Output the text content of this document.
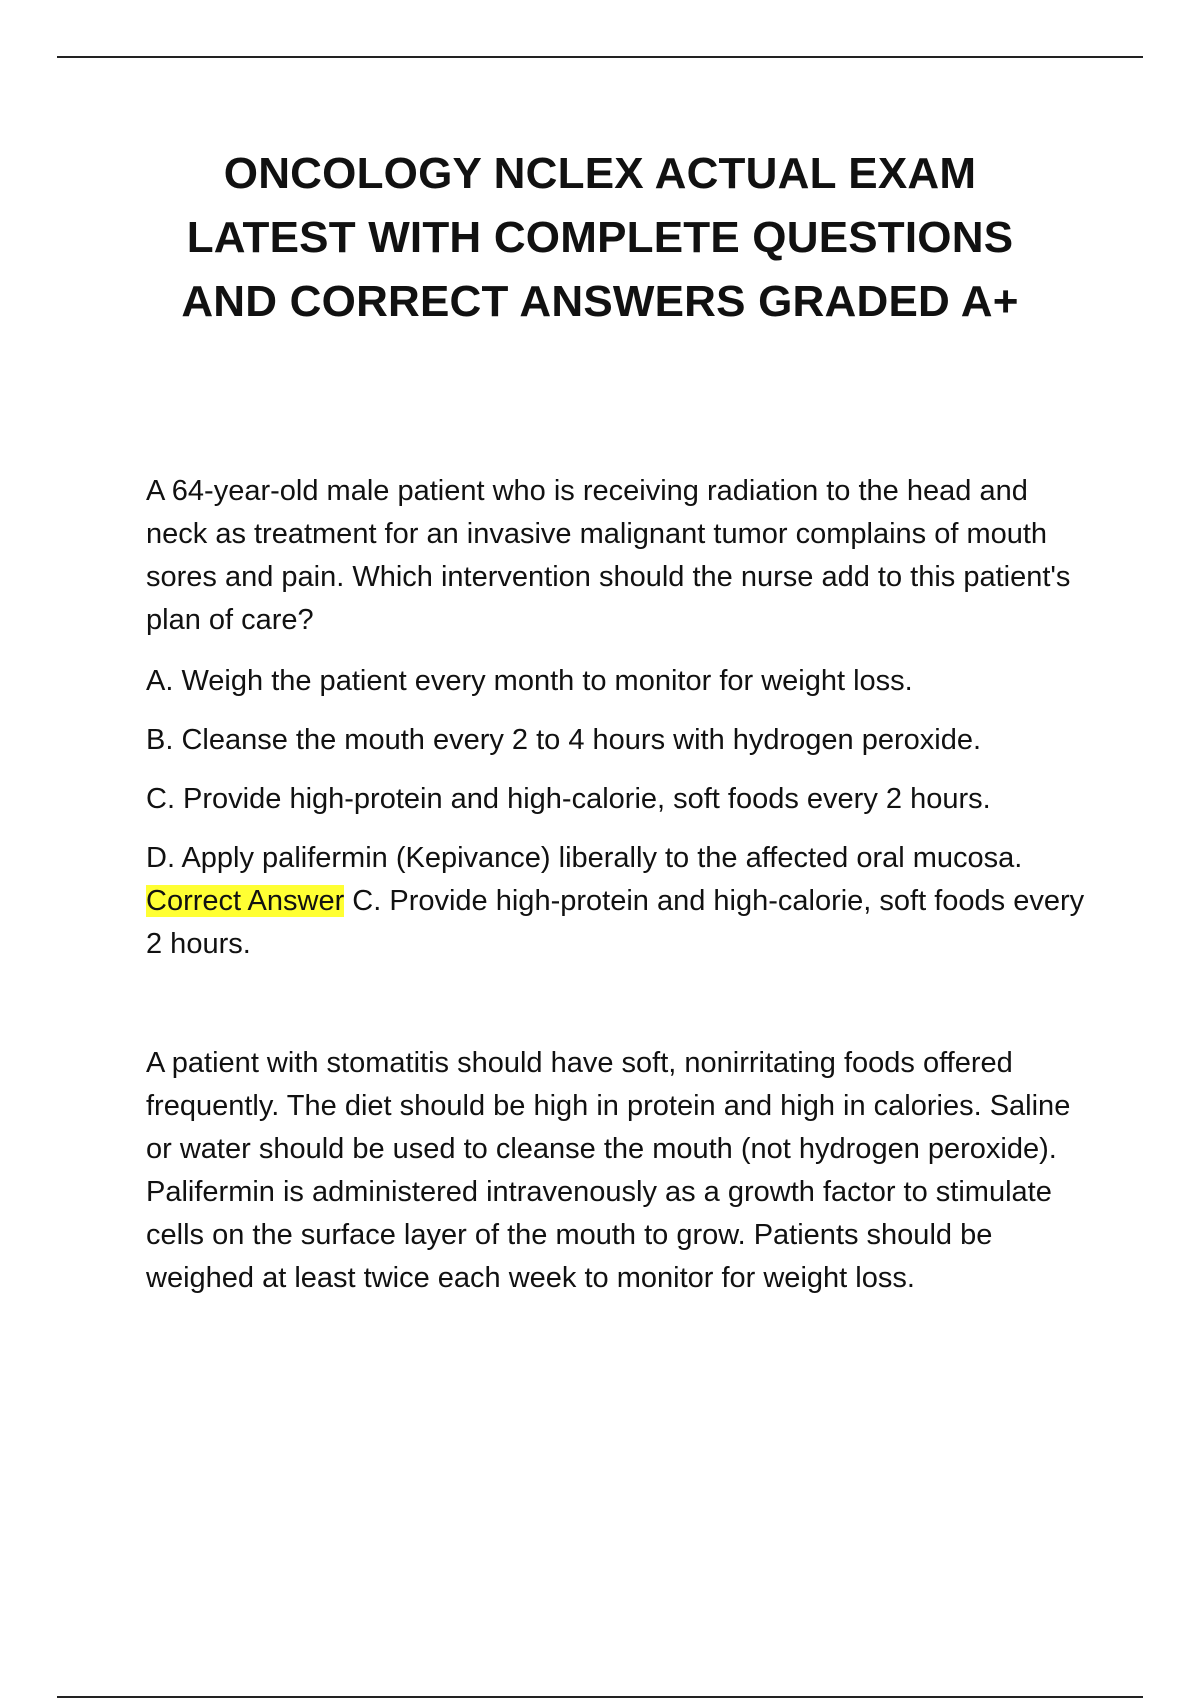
ONCOLOGY NCLEX ACTUAL EXAM
LATEST WITH COMPLETE QUESTIONS
AND CORRECT ANSWERS GRADED A+

A 64-year-old male patient who is receiving radiation to the head and neck as treatment for an invasive malignant tumor complains of mouth sores and pain. Which intervention should the nurse add to this patient's plan of care?

A. Weigh the patient every month to monitor for weight loss.
B. Cleanse the mouth every 2 to 4 hours with hydrogen peroxide.
C. Provide high-protein and high-calorie, soft foods every 2 hours.
D. Apply palifermin (Kepivance) liberally to the affected oral mucosa. Correct Answer C. Provide high-protein and high-calorie, soft foods every 2 hours.

A patient with stomatitis should have soft, nonirritating foods offered frequently. The diet should be high in protein and high in calories. Saline or water should be used to cleanse the mouth (not hydrogen peroxide). Palifermin is administered intravenously as a growth factor to stimulate cells on the surface layer of the mouth to grow. Patients should be weighed at least twice each week to monitor for weight loss.
